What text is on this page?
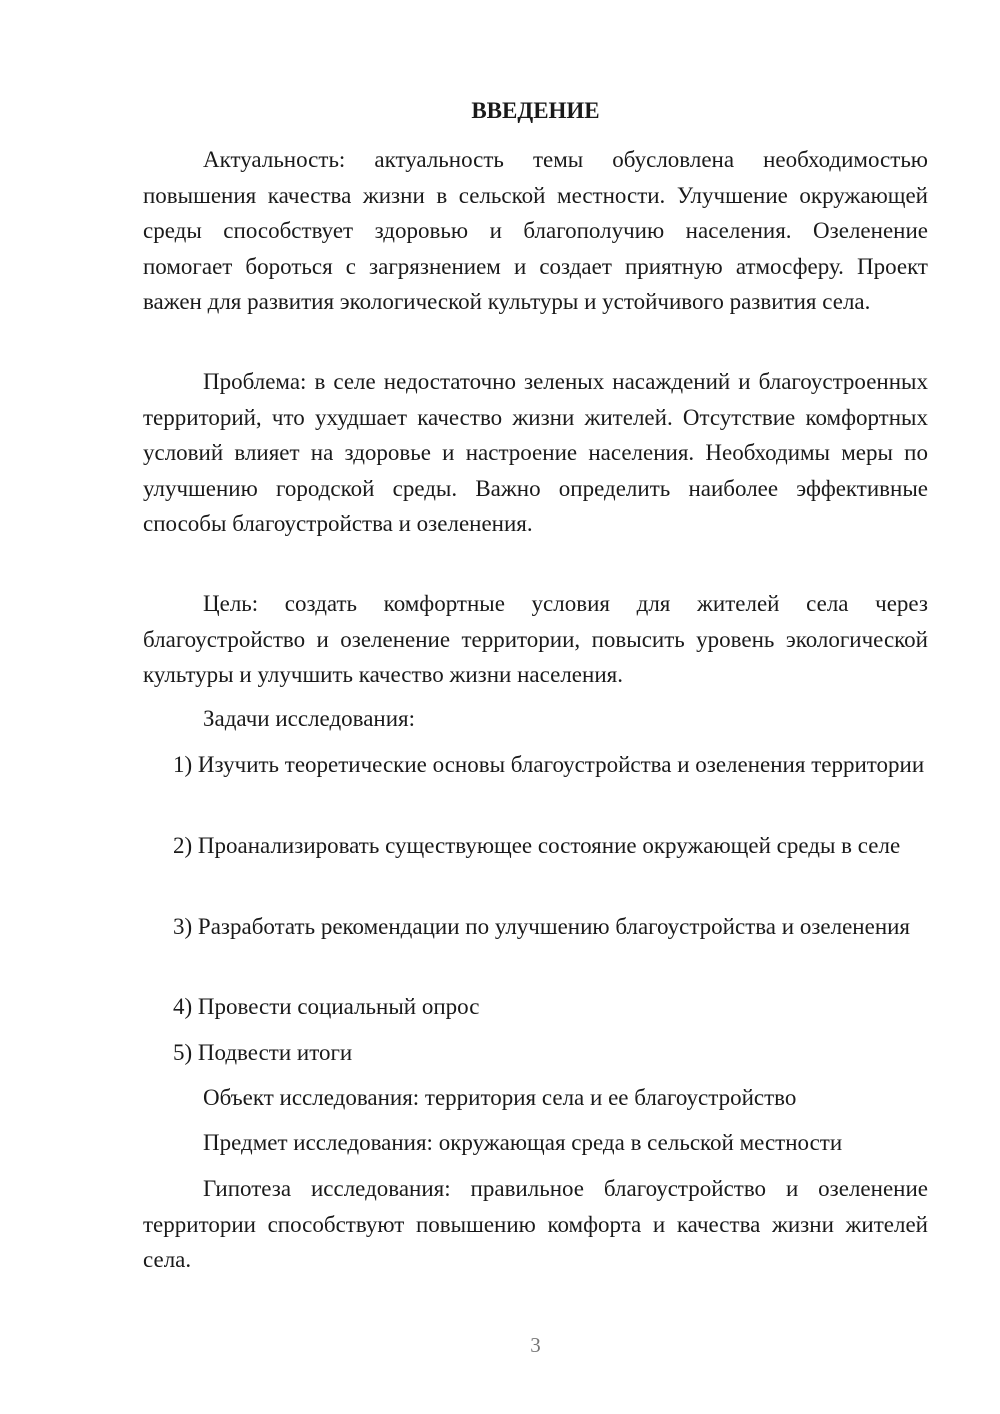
ВВЕДЕНИЕ

Актуальность: актуальность темы обусловлена необходимостью повышения качества жизни в сельской местности. Улучшение окружающей среды способствует здоровью и благополучию населения. Озеленение помогает бороться с загрязнением и создает приятную атмосферу. Проект важен для развития экологической культуры и устойчивого развития села.

Проблема: в селе недостаточно зеленых насаждений и благоустроенных территорий, что ухудшает качество жизни жителей. Отсутствие комфортных условий влияет на здоровье и настроение населения. Необходимы меры по улучшению городской среды. Важно определить наиболее эффективные способы благоустройства и озеленения.

Цель: создать комфортные условия для жителей села через благоустройство и озеленение территории, повысить уровень экологической культуры и улучшить качество жизни населения.

Задачи исследования:

1) Изучить теоретические основы благоустройства и озеленения территории

2) Проанализировать существующее состояние окружающей среды в селе

3) Разработать рекомендации по улучшению благоустройства и озеленения

4) Провести социальный опрос

5) Подвести итоги

Объект исследования: территория села и ее благоустройство

Предмет исследования: окружающая среда в сельской местности

Гипотеза исследования: правильное благоустройство и озеленение территории способствуют повышению комфорта и качества жизни жителей села.

3
